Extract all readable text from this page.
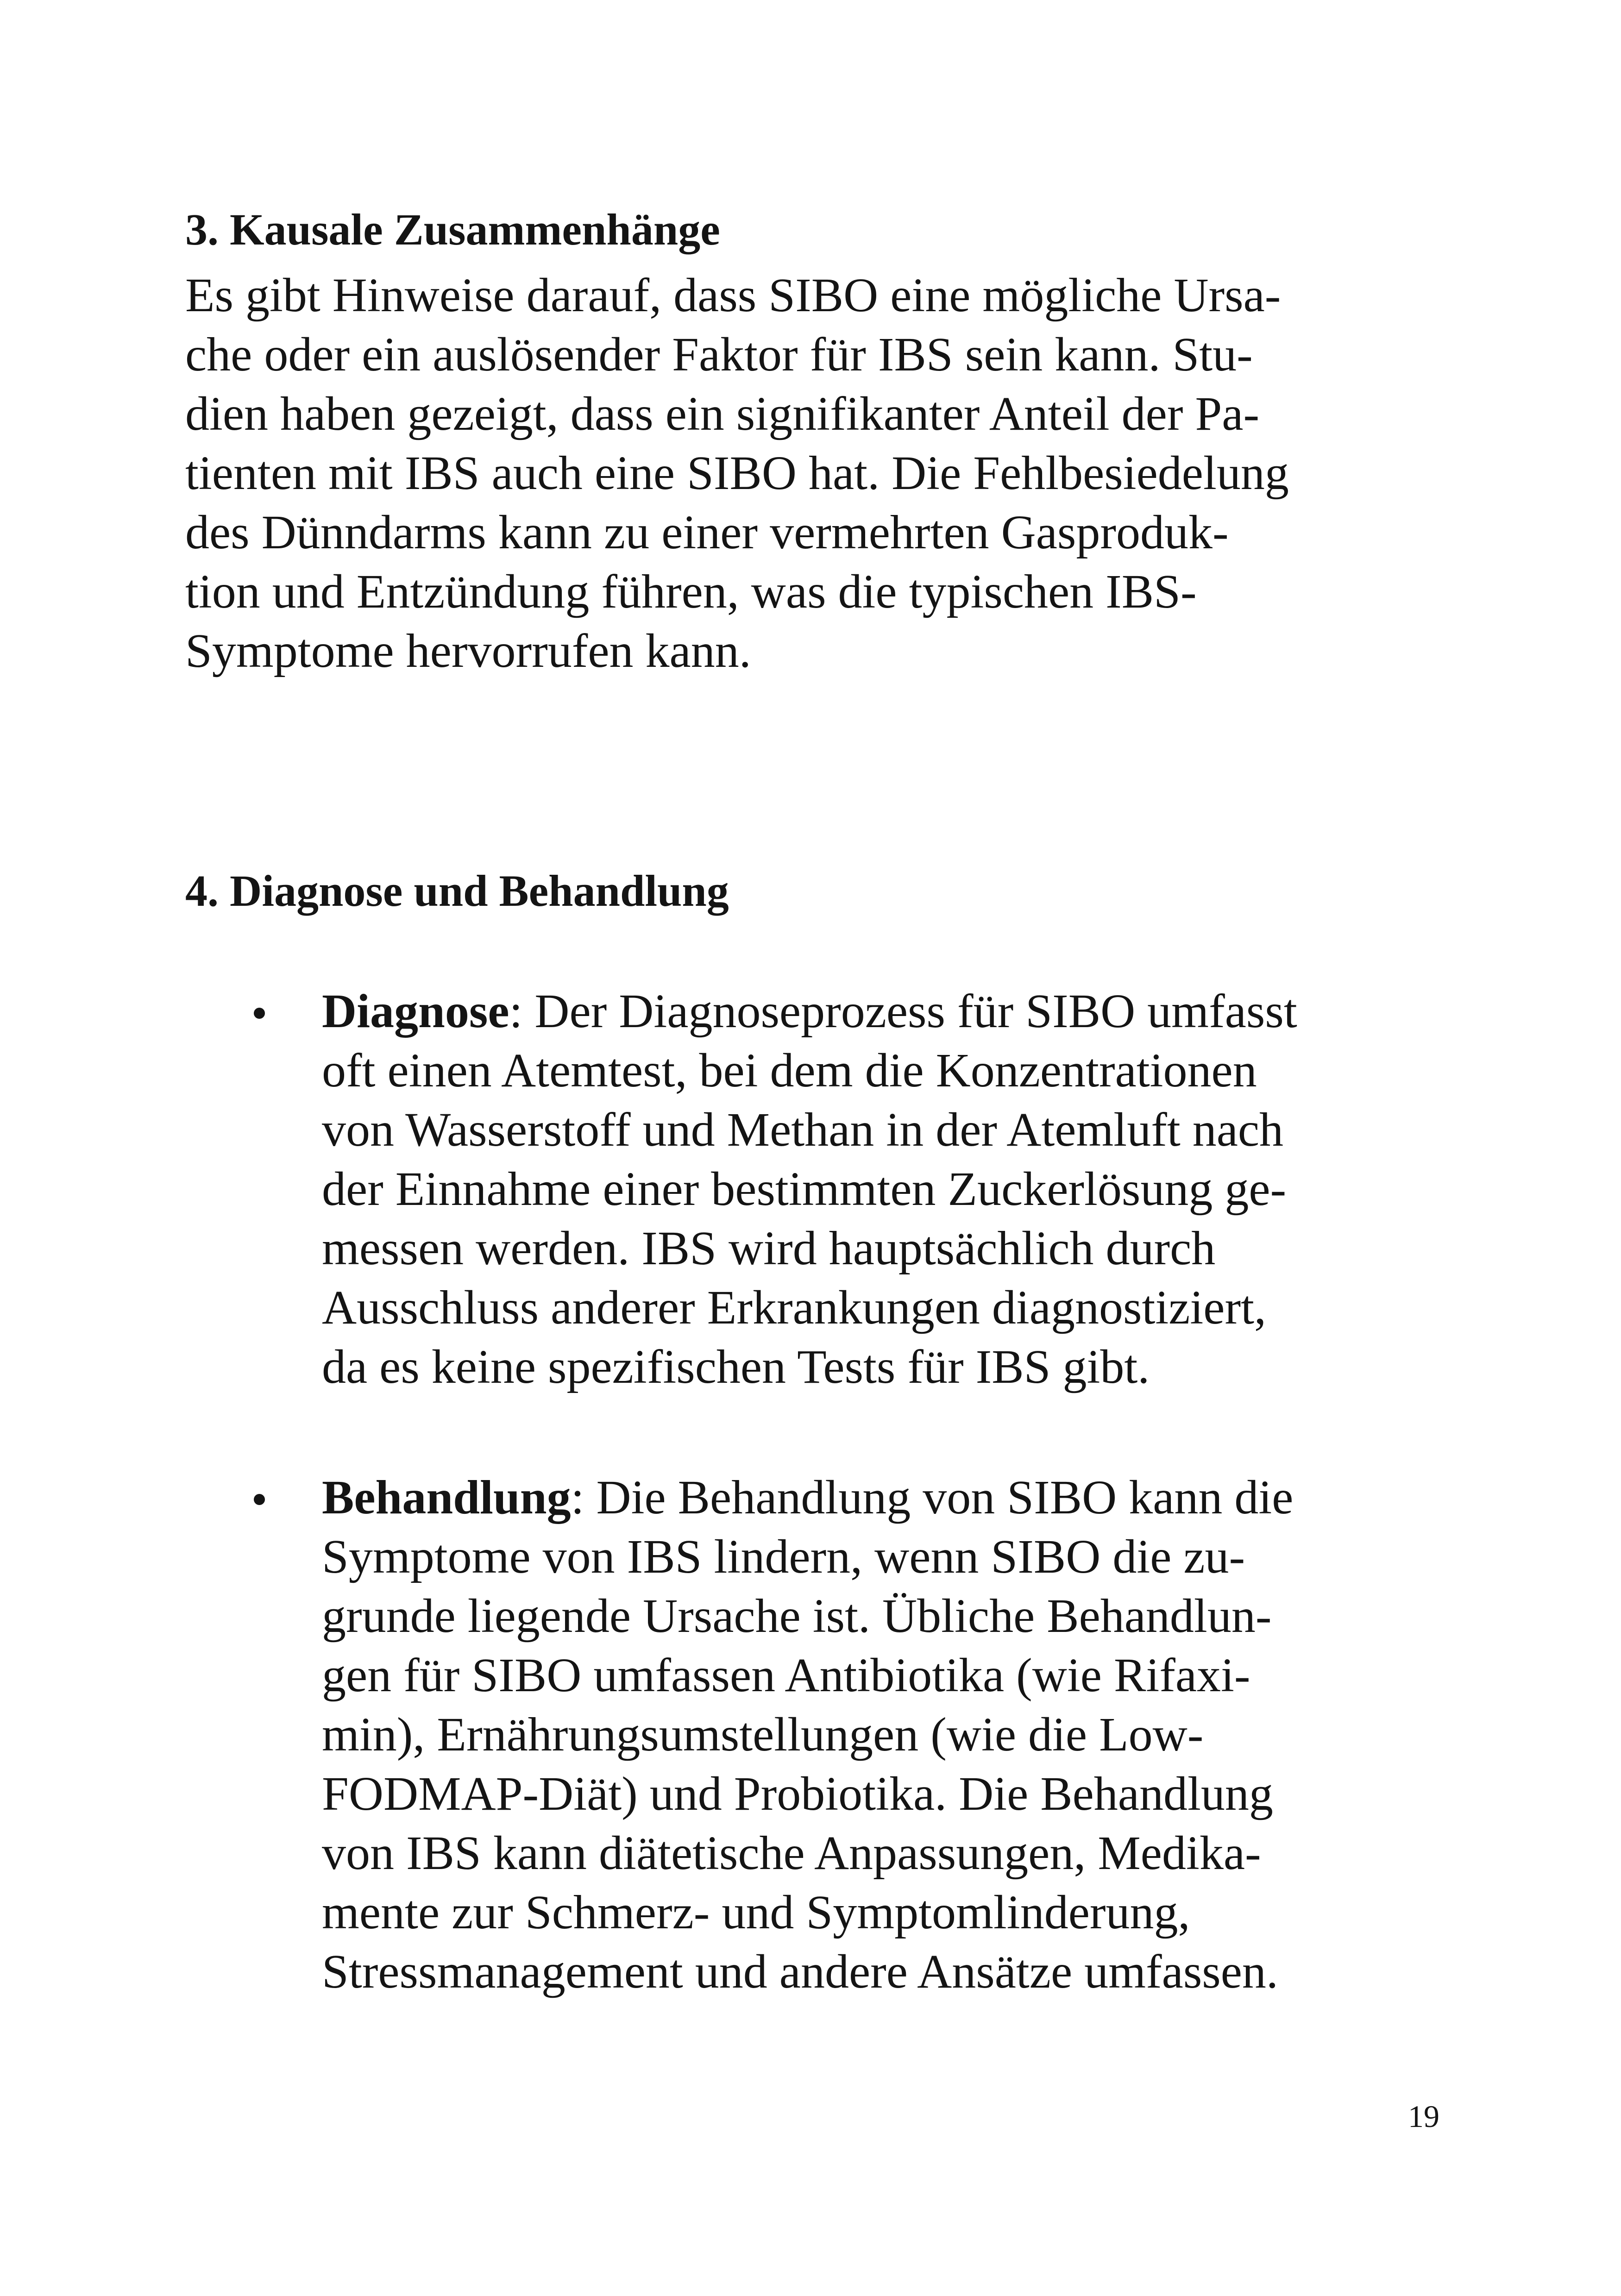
3. Kausale Zusammenhänge
Es gibt Hinweise darauf, dass SIBO eine mögliche Ursa-
che oder ein auslösender Faktor für IBS sein kann. Stu-
dien haben gezeigt, dass ein signifikanter Anteil der Pa-
tienten mit IBS auch eine SIBO hat. Die Fehlbesiedelung
des Dünndarms kann zu einer vermehrten Gasproduk-
tion und Entzündung führen, was die typischen IBS-
Symptome hervorrufen kann.
4. Diagnose und Behandlung
Diagnose: Der Diagnoseprozess für SIBO umfasst
oft einen Atemtest, bei dem die Konzentrationen
von Wasserstoff und Methan in der Atemluft nach
der Einnahme einer bestimmten Zuckerlösung ge-
messen werden. IBS wird hauptsächlich durch
Ausschluss anderer Erkrankungen diagnostiziert,
da es keine spezifischen Tests für IBS gibt.
Behandlung: Die Behandlung von SIBO kann die
Symptome von IBS lindern, wenn SIBO die zu-
grunde liegende Ursache ist. Übliche Behandlun-
gen für SIBO umfassen Antibiotika (wie Rifaxi-
min), Ernährungsumstellungen (wie die Low-
FODMAP-Diät) und Probiotika. Die Behandlung
von IBS kann diätetische Anpassungen, Medika-
mente zur Schmerz- und Symptomlinderung,
Stressmanagement und andere Ansätze umfassen.
19
